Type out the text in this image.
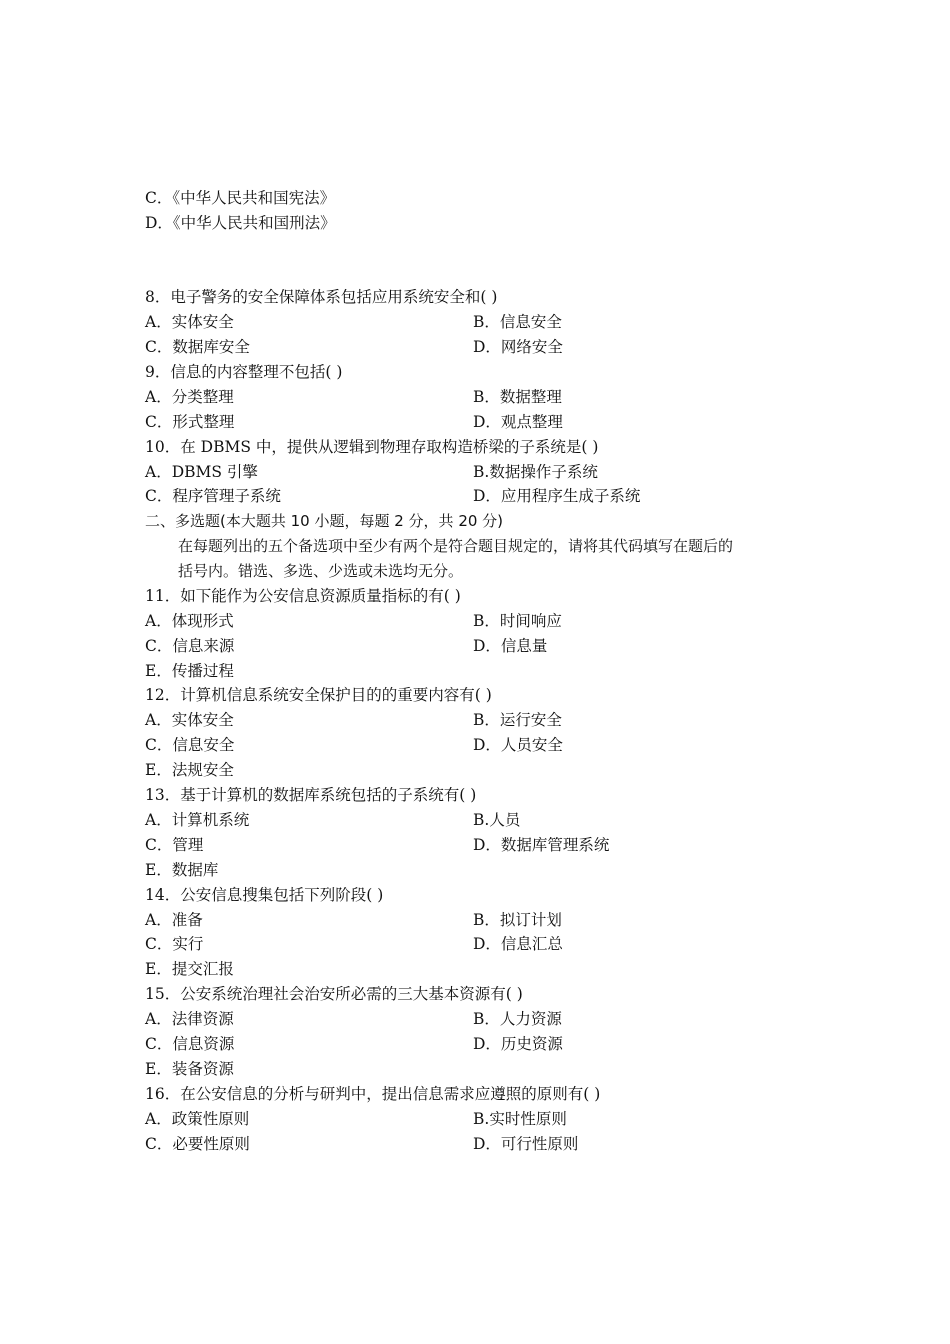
C．《中华人民共和国宪法》
D．《中华人民共和国刑法》
8．电子警务的安全保障体系包括应用系统安全和( )
A．实体安全	B．信息安全
C．数据库安全	D．网络安全
9．信息的内容整理不包括( )
A．分类整理	B．数据整理
C．形式整理	D．观点整理
10．在 DBMS 中，提供从逻辑到物理存取构造桥梁的子系统是( )
A．DBMS 引擎	B.数据操作子系统
C．程序管理子系统	D．应用程序生成子系统
二、多选题(本大题共 10 小题，每题 2 分，共 20 分)
在每题列出的五个备选项中至少有两个是符合题目规定的，请将其代码填写在题后的
括号内。错选、多选、少选或未选均无分。
11．如下能作为公安信息资源质量指标的有( )
A．体现形式	B．时间响应
C．信息来源	D．信息量
E．传播过程
12．计算机信息系统安全保护目的的重要内容有( )
A．实体安全	B．运行安全
C．信息安全	D．人员安全
E．法规安全
13．基于计算机的数据库系统包括的子系统有( )
A．计算机系统	B.人员
C．管理	D．数据库管理系统
E．数据库
14．公安信息搜集包括下列阶段( )
A．准备	B．拟订计划
C．实行	D．信息汇总
E．提交汇报
15．公安系统治理社会治安所必需的三大基本资源有( )
A．法律资源	B．人力资源
C．信息资源	D．历史资源
E．装备资源
16．在公安信息的分析与研判中，提出信息需求应遵照的原则有( )
A．政策性原则	B.实时性原则
C．必要性原则	D．可行性原则
